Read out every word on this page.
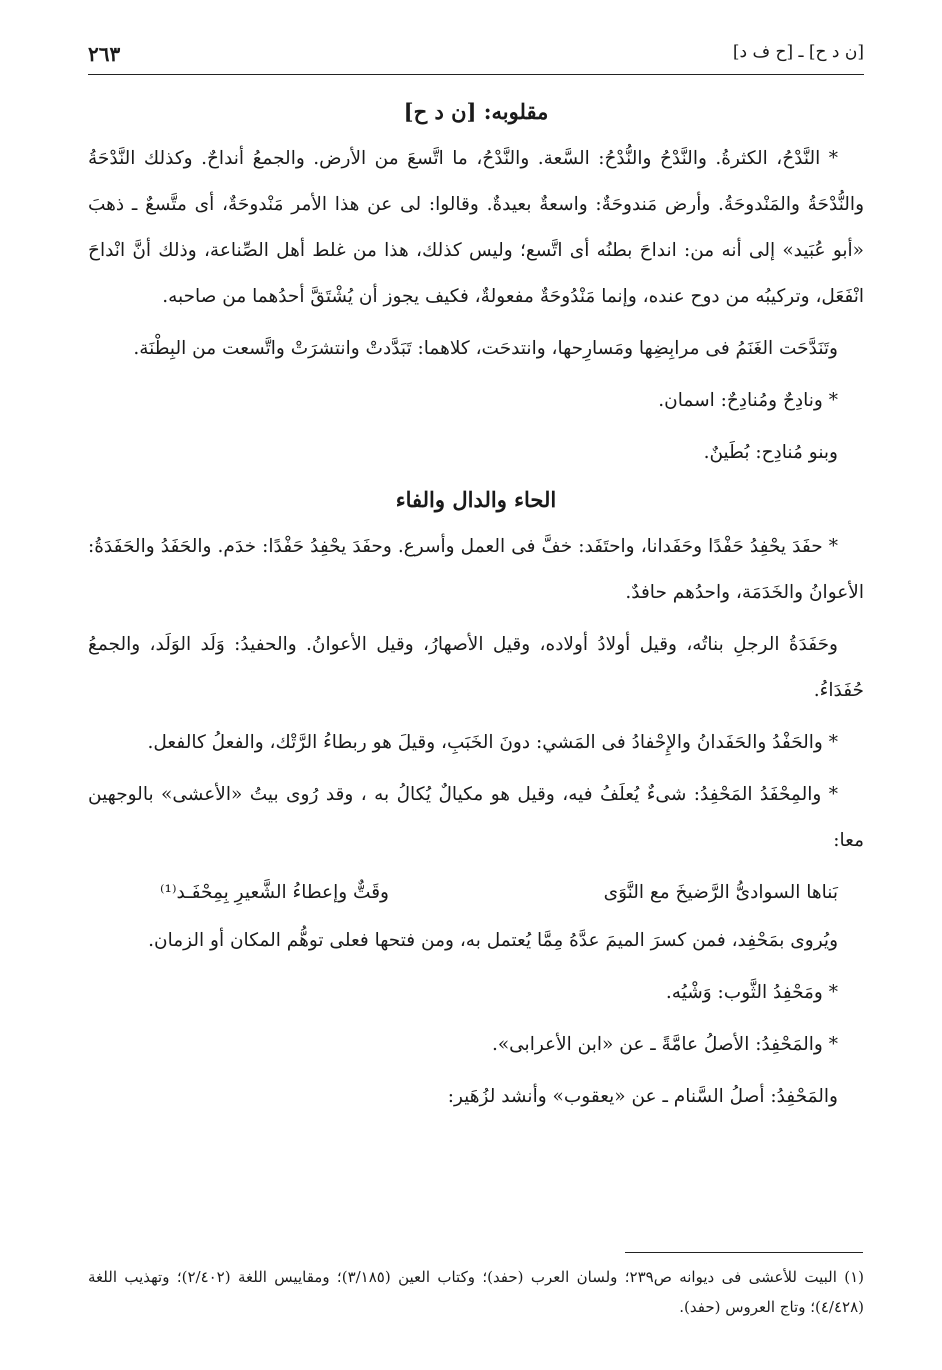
[ن د ح] ـ [ح ف د]
٢٦٣
مقلوبه: [ن د ح]

* النَّدْحُ، الكثرةُ. والنَّدْحُ والنُّدْحُ: السَّعة. والنَّدْحُ، ما اتَّسعَ من الأرض. والجمعُ أنداحٌ. وكذلك النَّدْحَةُ والنُّدْحَةُ والمَنْدوحَةُ. وأرض مَندوحَةٌ: واسعةٌ بعيدةٌ. وقالوا: لى عن هذا الأمر مَنْدوحَةٌ، أى متَّسعٌ ـ ذهبَ «أبو عُبَيد» إلى أنه من: انداحَ بطنُه أى اتَّسع؛ وليس كذلك، هذا من غلط أهل الصِّناعة، وذلك أنَّ انْداحَ انْفَعَل، وتركيبُه من دوح عنده، وإنما مَنْدُوحَةٌ مفعولةٌ، فكيف يجوز أن يُشْتَقَّ أحدُهما من صاحبه.

وتَنَدَّحَت الغَنَمُ فى مرابِضِها ومَسارِحها، وانتدحَت، كلاهما: تَبَدَّدتْ وانتشرَتْ واتَّسعت من البِطْنَة.

* ونادِحٌ ومُنادِحٌ: اسمان.

وبنو مُنادِح: بُطَينٌ.

الحاء والدال والفاء

* حفَدَ يحْفِدُ حَفْدًا وحَفَدانا، واحتَفَد: خفَّ فى العمل وأسرع. وحفَدَ يحْفِدُ حَفْدًا: خدَم. والحَفَدُ والحَفَدَةُ: الأعوانُ والخَدَمَة، واحدُهم حافدٌ.

وحَفَدَةُ الرجلِ بناتُه، وقيل أولادُ أولاده، وقيل الأصهارُ، وقيل الأعوانُ. والحفيدُ: وَلَد الوَلَد، والجمعُ حُفَدَاءُ.

* والحَفْدُ والحَفَدانُ والإِحْفادُ فى المَشي: دونَ الخَبَبِ، وقيلَ هو ربطاءُ الرَّتْك، والفعلُ كالفعل.

* والمِحْفَدُ المَحْفِدُ: شىءٌ يُعلَفُ فيه، وقيل هو مكيالٌ يُكالُ به ، وقد رُوى بيتُ «الأعشى» بالوجهين معا:

بَناها السوادىُّ الرَّضيخَ مع النَّوَى
وقَتٌّ وإعطاءُ الشَّعيرِ بِمِحْفَـد⁽¹⁾

ويُروى بمَحْفِد، فمن كسرَ الميمَ عدَّهُ مِمَّا يُعتمل به، ومن فتحها فعلى توهُّم المكان أو الزمان.

* ومَحْفِدُ الثَّوب: وَشْيُه.

* والمَحْفِدُ: الأصلُ عامَّةً ـ عن «ابن الأعرابى».

والمَحْفِدُ: أصلُ السَّنام ـ عن «يعقوب» وأنشد لزُهَير:

(١) البيت للأعشى فى ديوانه ص٢٣٩؛ ولسان العرب (حفد)؛ وكتاب العين (٣/١٨٥)؛ ومقاييس اللغة (٢/٤٠٢)؛ وتهذيب اللغة (٤/٤٢٨)؛ وتاج العروس (حفد).
